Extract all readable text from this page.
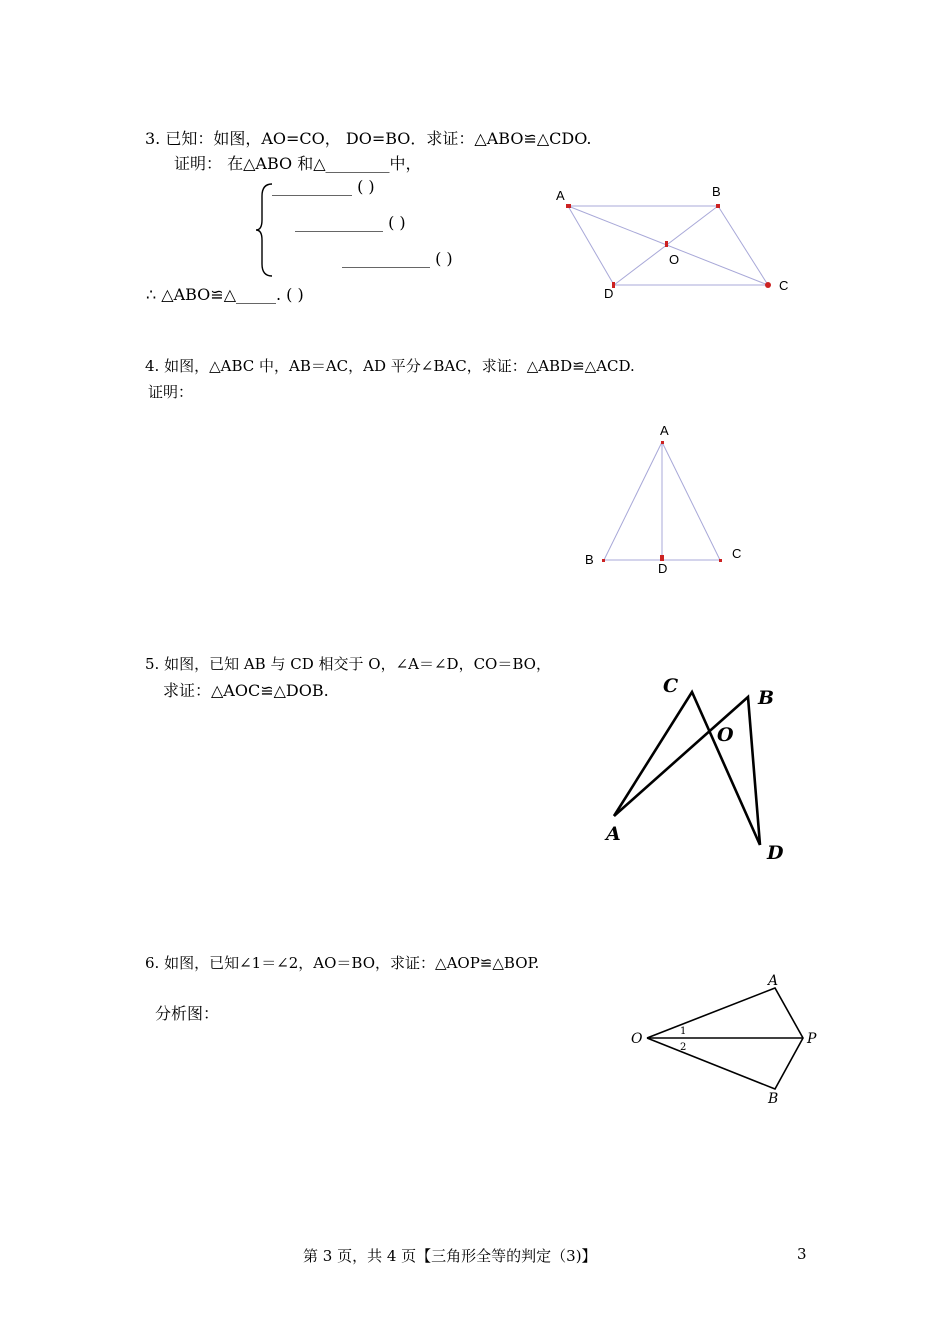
3. 已知：如图，AO=CO， DO=BO．求证：△ABO≌△CDO.
证明： 在△ABO 和△________中，
__________ ( )
___________ ( )
___________ ( )
∴ △ABO≌△_____. ( )
A	B
O
C
D
4. 如图，△ABC 中，AB＝AC，AD 平分∠BAC，求证：△ABD≌△ACD.
证明：
A
B	C
D
5. 如图，已知 AB 与 CD 相交于 O，∠A＝∠D，CO＝BO，
求证：△AOC≌△DOB.	C
B
O
A
D
6. 如图，已知∠1＝∠2，AO＝BO，求证：△AOP≌△BOP.
分析图：
O
A
P
B
1
2
第 3 页，共 4 页【三角形全等的判定（3)】	3
